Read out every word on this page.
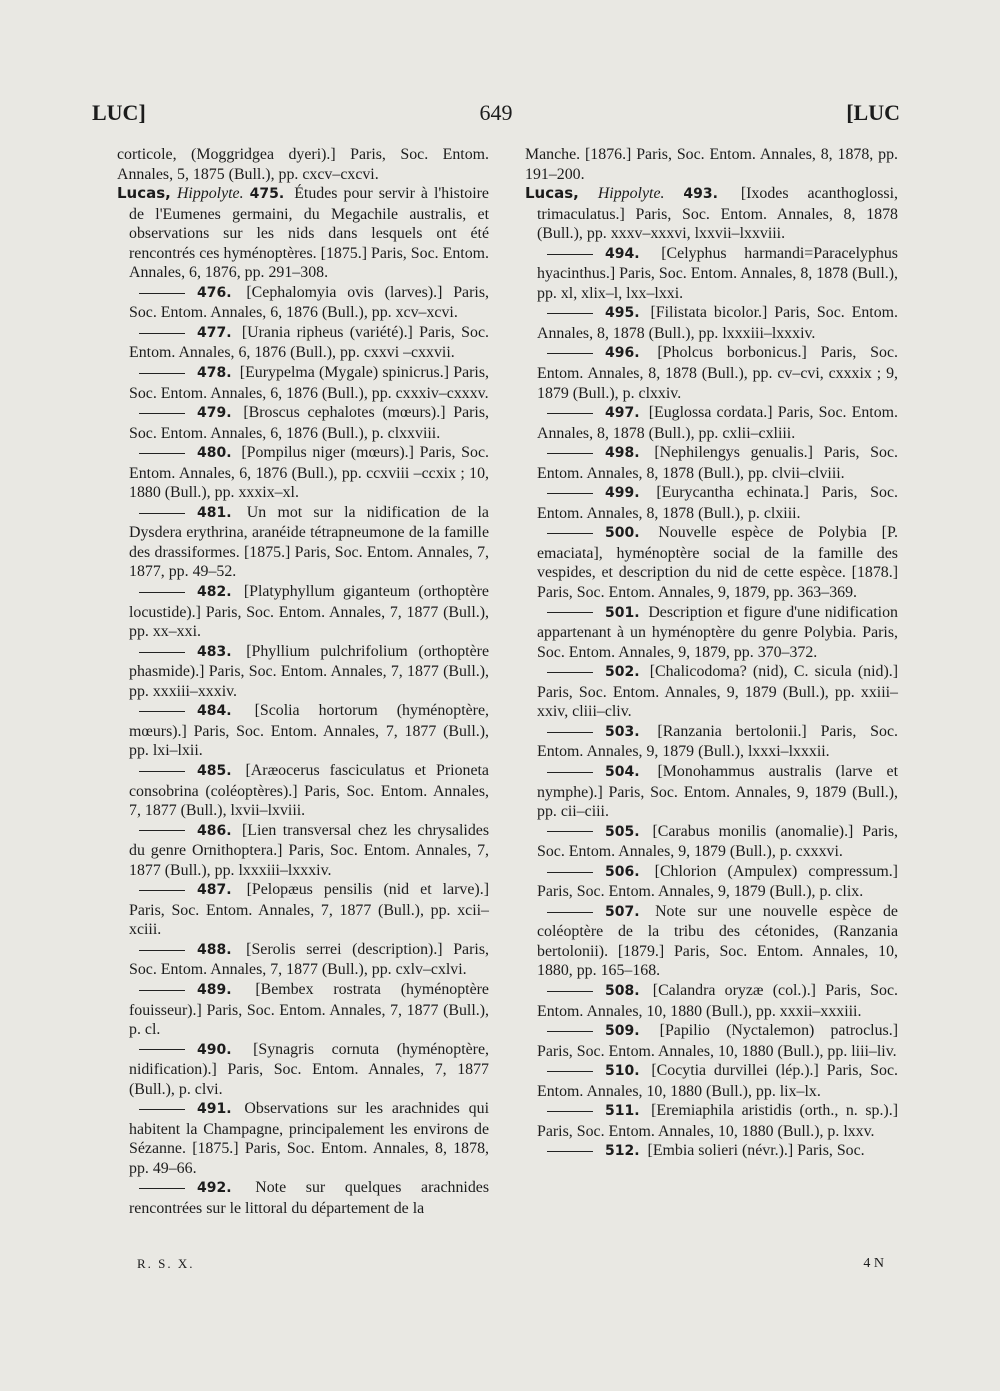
LUC]	649	[LUC

corticole, (Moggridgea dyeri).] Paris, Soc. Entom. Annales, 5, 1875 (Bull.), pp. cxcv–cxcvi.

Lucas, Hippolyte. 475. Études pour servir à l'histoire de l'Eumenes germaini, du Megachile australis, et observations sur les nids dans lesquels ont été rencontrés ces hyménoptères. [1875.] Paris, Soc. Entom. Annales, 6, 1876, pp. 291–308.

476. [Cephalomyia ovis (larves).] Paris, Soc. Entom. Annales, 6, 1876 (Bull.), pp. xcv–xcvi.

477. [Urania ripheus (variété).] Paris, Soc. Entom. Annales, 6, 1876 (Bull.), pp. cxxvi –cxxvii.

478. [Eurypelma (Mygale) spinicrus.] Paris, Soc. Entom. Annales, 6, 1876 (Bull.), pp. cxxxiv–cxxxv.

479. [Broscus cephalotes (mœurs).] Paris, Soc. Entom. Annales, 6, 1876 (Bull.), p. clxxviii.

480. [Pompilus niger (mœurs).] Paris, Soc. Entom. Annales, 6, 1876 (Bull.), pp. ccxviii –ccxix ; 10, 1880 (Bull.), pp. xxxix–xl.

481. Un mot sur la nidification de la Dysdera erythrina, aranéide tétrapneumone de la famille des drassiformes. [1875.] Paris, Soc. Entom. Annales, 7, 1877, pp. 49–52.

482. [Platyphyllum giganteum (orthoptère locustide).] Paris, Soc. Entom. Annales, 7, 1877 (Bull.), pp. xx–xxi.

483. [Phyllium pulchrifolium (orthoptère phasmide).] Paris, Soc. Entom. Annales, 7, 1877 (Bull.), pp. xxxiii–xxxiv.

484. [Scolia hortorum (hyménoptère, mœurs).] Paris, Soc. Entom. Annales, 7, 1877 (Bull.), pp. lxi–lxii.

485. [Aræocerus fasciculatus et Prioneta consobrina (coléoptères).] Paris, Soc. Entom. Annales, 7, 1877 (Bull.), lxvii–lxviii.

486. [Lien transversal chez les chrysalides du genre Ornithoptera.] Paris, Soc. Entom. Annales, 7, 1877 (Bull.), pp. lxxxiii–lxxxiv.

487. [Pelopæus pensilis (nid et larve).] Paris, Soc. Entom. Annales, 7, 1877 (Bull.), pp. xcii–xciii.

488. [Serolis serrei (description).] Paris, Soc. Entom. Annales, 7, 1877 (Bull.), pp. cxlv–cxlvi.

489. [Bembex rostrata (hyménoptère fouisseur).] Paris, Soc. Entom. Annales, 7, 1877 (Bull.), p. cl.

490. [Synagris cornuta (hyménoptère, nidification).] Paris, Soc. Entom. Annales, 7, 1877 (Bull.), p. clvi.

491. Observations sur les arachnides qui habitent la Champagne, principalement les environs de Sézanne. [1875.] Paris, Soc. Entom. Annales, 8, 1878, pp. 49–66.

492. Note sur quelques arachnides rencontrées sur le littoral du département de la

Manche. [1876.] Paris, Soc. Entom. Annales, 8, 1878, pp. 191–200.

Lucas, Hippolyte. 493. [Ixodes acanthoglossi, trimaculatus.] Paris, Soc. Entom. Annales, 8, 1878 (Bull.), pp. xxxv–xxxvi, lxxvii–lxxviii.

494. [Celyphus harmandi=Paracelyphus hyacinthus.] Paris, Soc. Entom. Annales, 8, 1878 (Bull.), pp. xl, xlix–l, lxx–lxxi.

495. [Filistata bicolor.] Paris, Soc. Entom. Annales, 8, 1878 (Bull.), pp. lxxxiii–lxxxiv.

496. [Pholcus borbonicus.] Paris, Soc. Entom. Annales, 8, 1878 (Bull.), pp. cv–cvi, cxxxix ; 9, 1879 (Bull.), p. clxxiv.

497. [Euglossa cordata.] Paris, Soc. Entom. Annales, 8, 1878 (Bull.), pp. cxlii–cxliii.

498. [Nephilengys genualis.] Paris, Soc. Entom. Annales, 8, 1878 (Bull.), pp. clvii–clviii.

499. [Eurycantha echinata.] Paris, Soc. Entom. Annales, 8, 1878 (Bull.), p. clxiii.

500. Nouvelle espèce de Polybia [P. emaciata], hyménoptère social de la famille des vespides, et description du nid de cette espèce. [1878.] Paris, Soc. Entom. Annales, 9, 1879, pp. 363–369.

501. Description et figure d'une nidification appartenant à un hyménoptère du genre Polybia. Paris, Soc. Entom. Annales, 9, 1879, pp. 370–372.

502. [Chalicodoma? (nid), C. sicula (nid).] Paris, Soc. Entom. Annales, 9, 1879 (Bull.), pp. xxiii–xxiv, cliii–cliv.

503. [Ranzania bertolonii.] Paris, Soc. Entom. Annales, 9, 1879 (Bull.), lxxxi–lxxxii.

504. [Monohammus australis (larve et nymphe).] Paris, Soc. Entom. Annales, 9, 1879 (Bull.), pp. cii–ciii.

505. [Carabus monilis (anomalie).] Paris, Soc. Entom. Annales, 9, 1879 (Bull.), p. cxxxvi.

506. [Chlorion (Ampulex) compressum.] Paris, Soc. Entom. Annales, 9, 1879 (Bull.), p. clix.

507. Note sur une nouvelle espèce de coléoptère de la tribu des cétonides, (Ranzania bertolonii). [1879.] Paris, Soc. Entom. Annales, 10, 1880, pp. 165–168.

508. [Calandra oryzæ (col.).] Paris, Soc. Entom. Annales, 10, 1880 (Bull.), pp. xxxii–xxxiii.

509. [Papilio (Nyctalemon) patroclus.] Paris, Soc. Entom. Annales, 10, 1880 (Bull.), pp. liii–liv.

510. [Cocytia durvillei (lép.).] Paris, Soc. Entom. Annales, 10, 1880 (Bull.), pp. lix–lx.

511. [Eremiaphila aristidis (orth., n. sp.).] Paris, Soc. Entom. Annales, 10, 1880 (Bull.), p. lxxv.

512. [Embia solieri (névr.).] Paris, Soc.

R. S. X.	4 N
